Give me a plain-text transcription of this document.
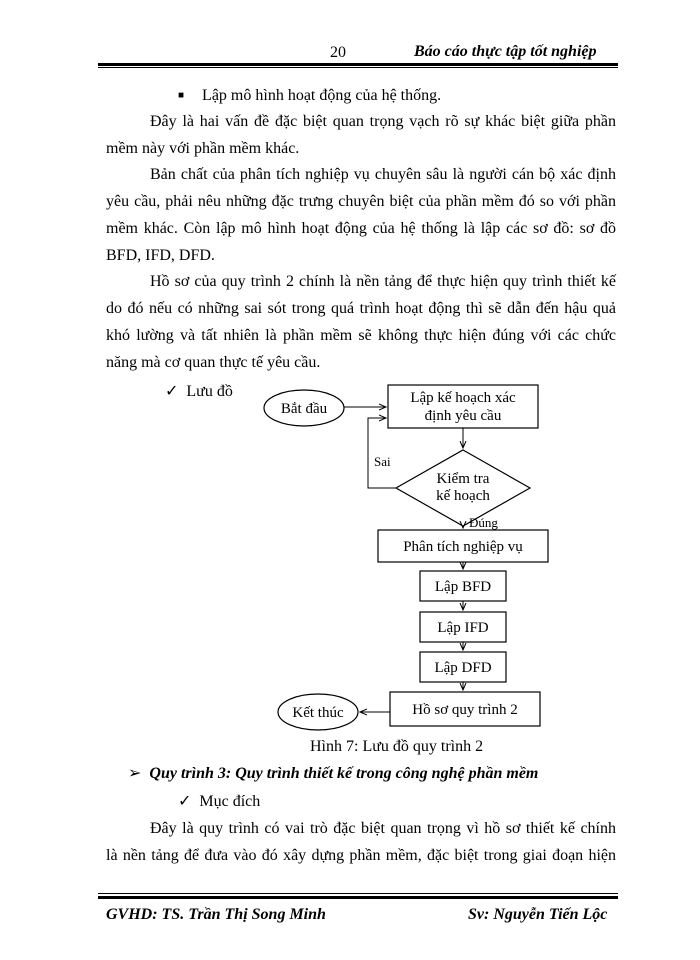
20	Báo cáo thực tập tốt nghiệp
■ Lập mô hình hoạt động của hệ thống.
Đây là hai vấn đề đặc biệt quan trọng vạch rõ sự khác biệt giữa phần
mềm này với phần mềm khác.
Bản chất của phân tích nghiệp vụ chuyên sâu là người cán bộ xác định
yêu cầu, phải nêu những đặc trưng chuyên biệt của phần mềm đó so với phần
mềm khác. Còn lập mô hình hoạt động của hệ thống là lập các sơ đồ: sơ đồ
BFD, IFD, DFD.
Hồ sơ của quy trình 2 chính là nền tảng để thực hiện quy trình thiết kế
do đó nếu có những sai sót trong quá trình hoạt động thì sẽ dẫn đến hậu quả
khó lường và tất nhiên là phần mềm sẽ không thực hiện đúng với các chức
năng mà cơ quan thực tế yêu cầu.
✓ Lưu đồ
Bắt đầu
Lập kế hoạch xác
định yêu cầu
Kiểm tra
kế hoạch
Phân tích nghiệp vụ
Lập BFD
Lập IFD
Lập DFD
Hồ sơ quy trình 2
Kết thúc
Sai
Đúng
Hình 7: Lưu đồ quy trình 2
➢ Quy trình 3: Quy trình thiết kế trong công nghệ phần mềm
✓ Mục đích
Đây là quy trình có vai trò đặc biệt quan trọng vì hồ sơ thiết kế chính
là nền tảng để đưa vào đó xây dựng phần mềm, đặc biệt trong giai đoạn hiện
GVHD: TS. Trần Thị Song Minh	Sv: Nguyễn Tiến Lộc
